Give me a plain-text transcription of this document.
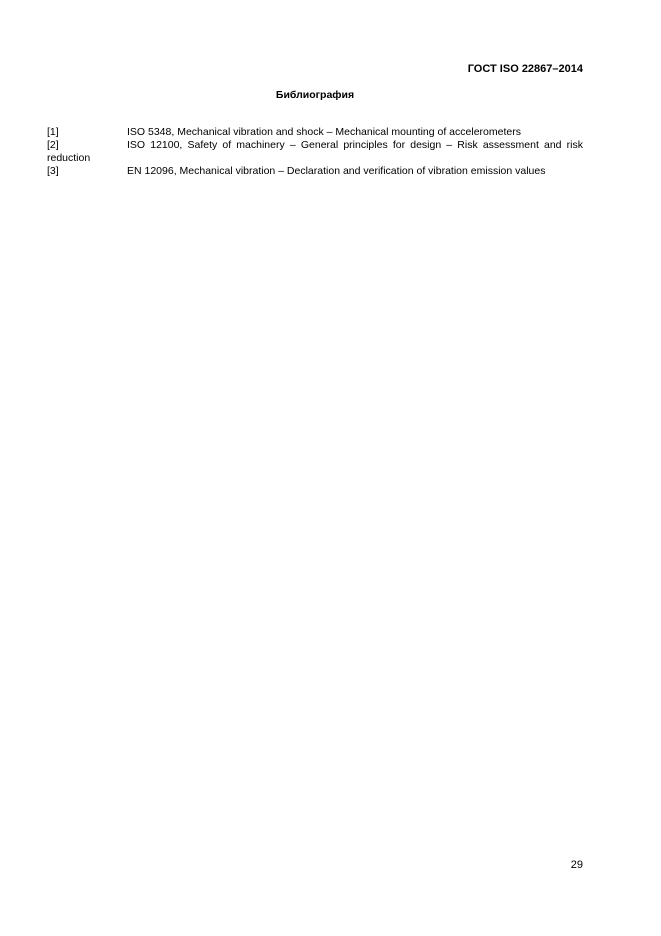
ГОСТ ISO 22867–2014
Библиография
[1]	ISO 5348, Mechanical vibration and shock – Mechanical mounting of accelerometers
[2]	ISO 12100, Safety of machinery – General principles for design – Risk assessment and risk reduction
[3]	EN 12096, Mechanical vibration – Declaration and verification of vibration emission values
29
